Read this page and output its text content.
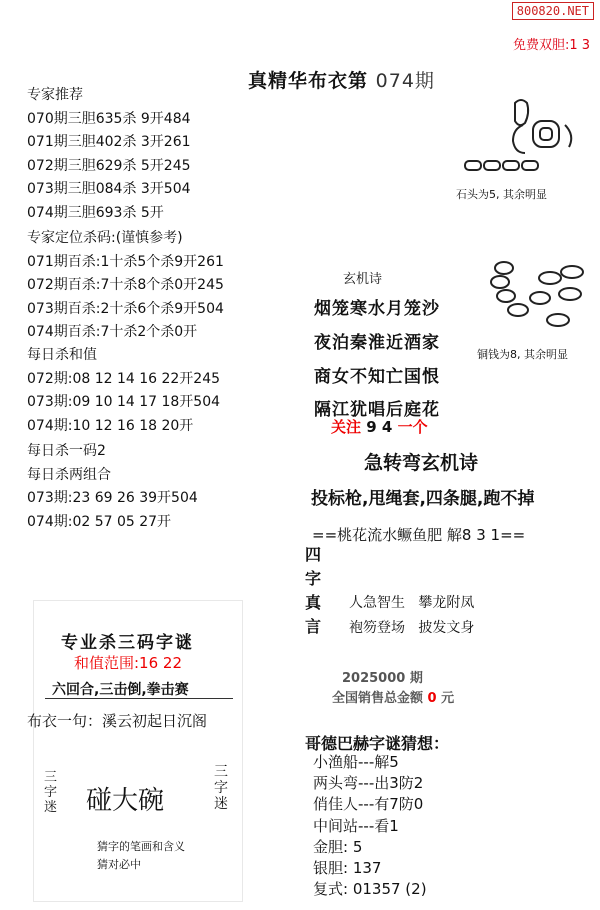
800820.NET
免费双胆:1 3
真精华布衣第 074期
专家推荐
070期三胆635杀 9开484
071期三胆402杀 3开261
072期三胆629杀 5开245
073期三胆084杀 3开504
074期三胆693杀 5开
专家定位杀码:(谨慎参考)
071期百杀:1十杀5个杀9开261
072期百杀:7十杀8个杀0开245
073期百杀:2十杀6个杀9开504
074期百杀:7十杀2个杀0开
每日杀和值
072期:08 12 14 16 22开245
073期:09 10 14 17 18开504
074期:10 12 16 18 20开
每日杀一码2
每日杀两组合
073期:23 69 26 39开504
074期:02 57 05 27开
石头为5, 其余明显
铜钱为8, 其余明显
玄机诗
烟笼寒水月笼沙
夜泊秦淮近酒家
商女不知亡国恨
隔江犹唱后庭花
关注 9 4 一个
急转弯玄机诗
投标枪,甩绳套,四条腿,跑不掉
==桃花流水鳜鱼肥 解8 3 1==
四
字
真
言
人急智生 攀龙附凤
袍笏登场 披发文身
2025000 期
全国销售总金额 0 元
哥德巴赫字谜猜想：
小渔船---解5
两头弯---出3防2
俏佳人---有7防0
中间站---看1
金胆: 5
银胆: 137
复式: 01357 (2)
专业杀三码字谜
和值范围:16 22
六回合,三击倒,拳击赛
布衣一句：溪云初起日沉阁
三
字
迷 碰大碗
三
字
迷
猜字的笔画和含义
猜对必中
